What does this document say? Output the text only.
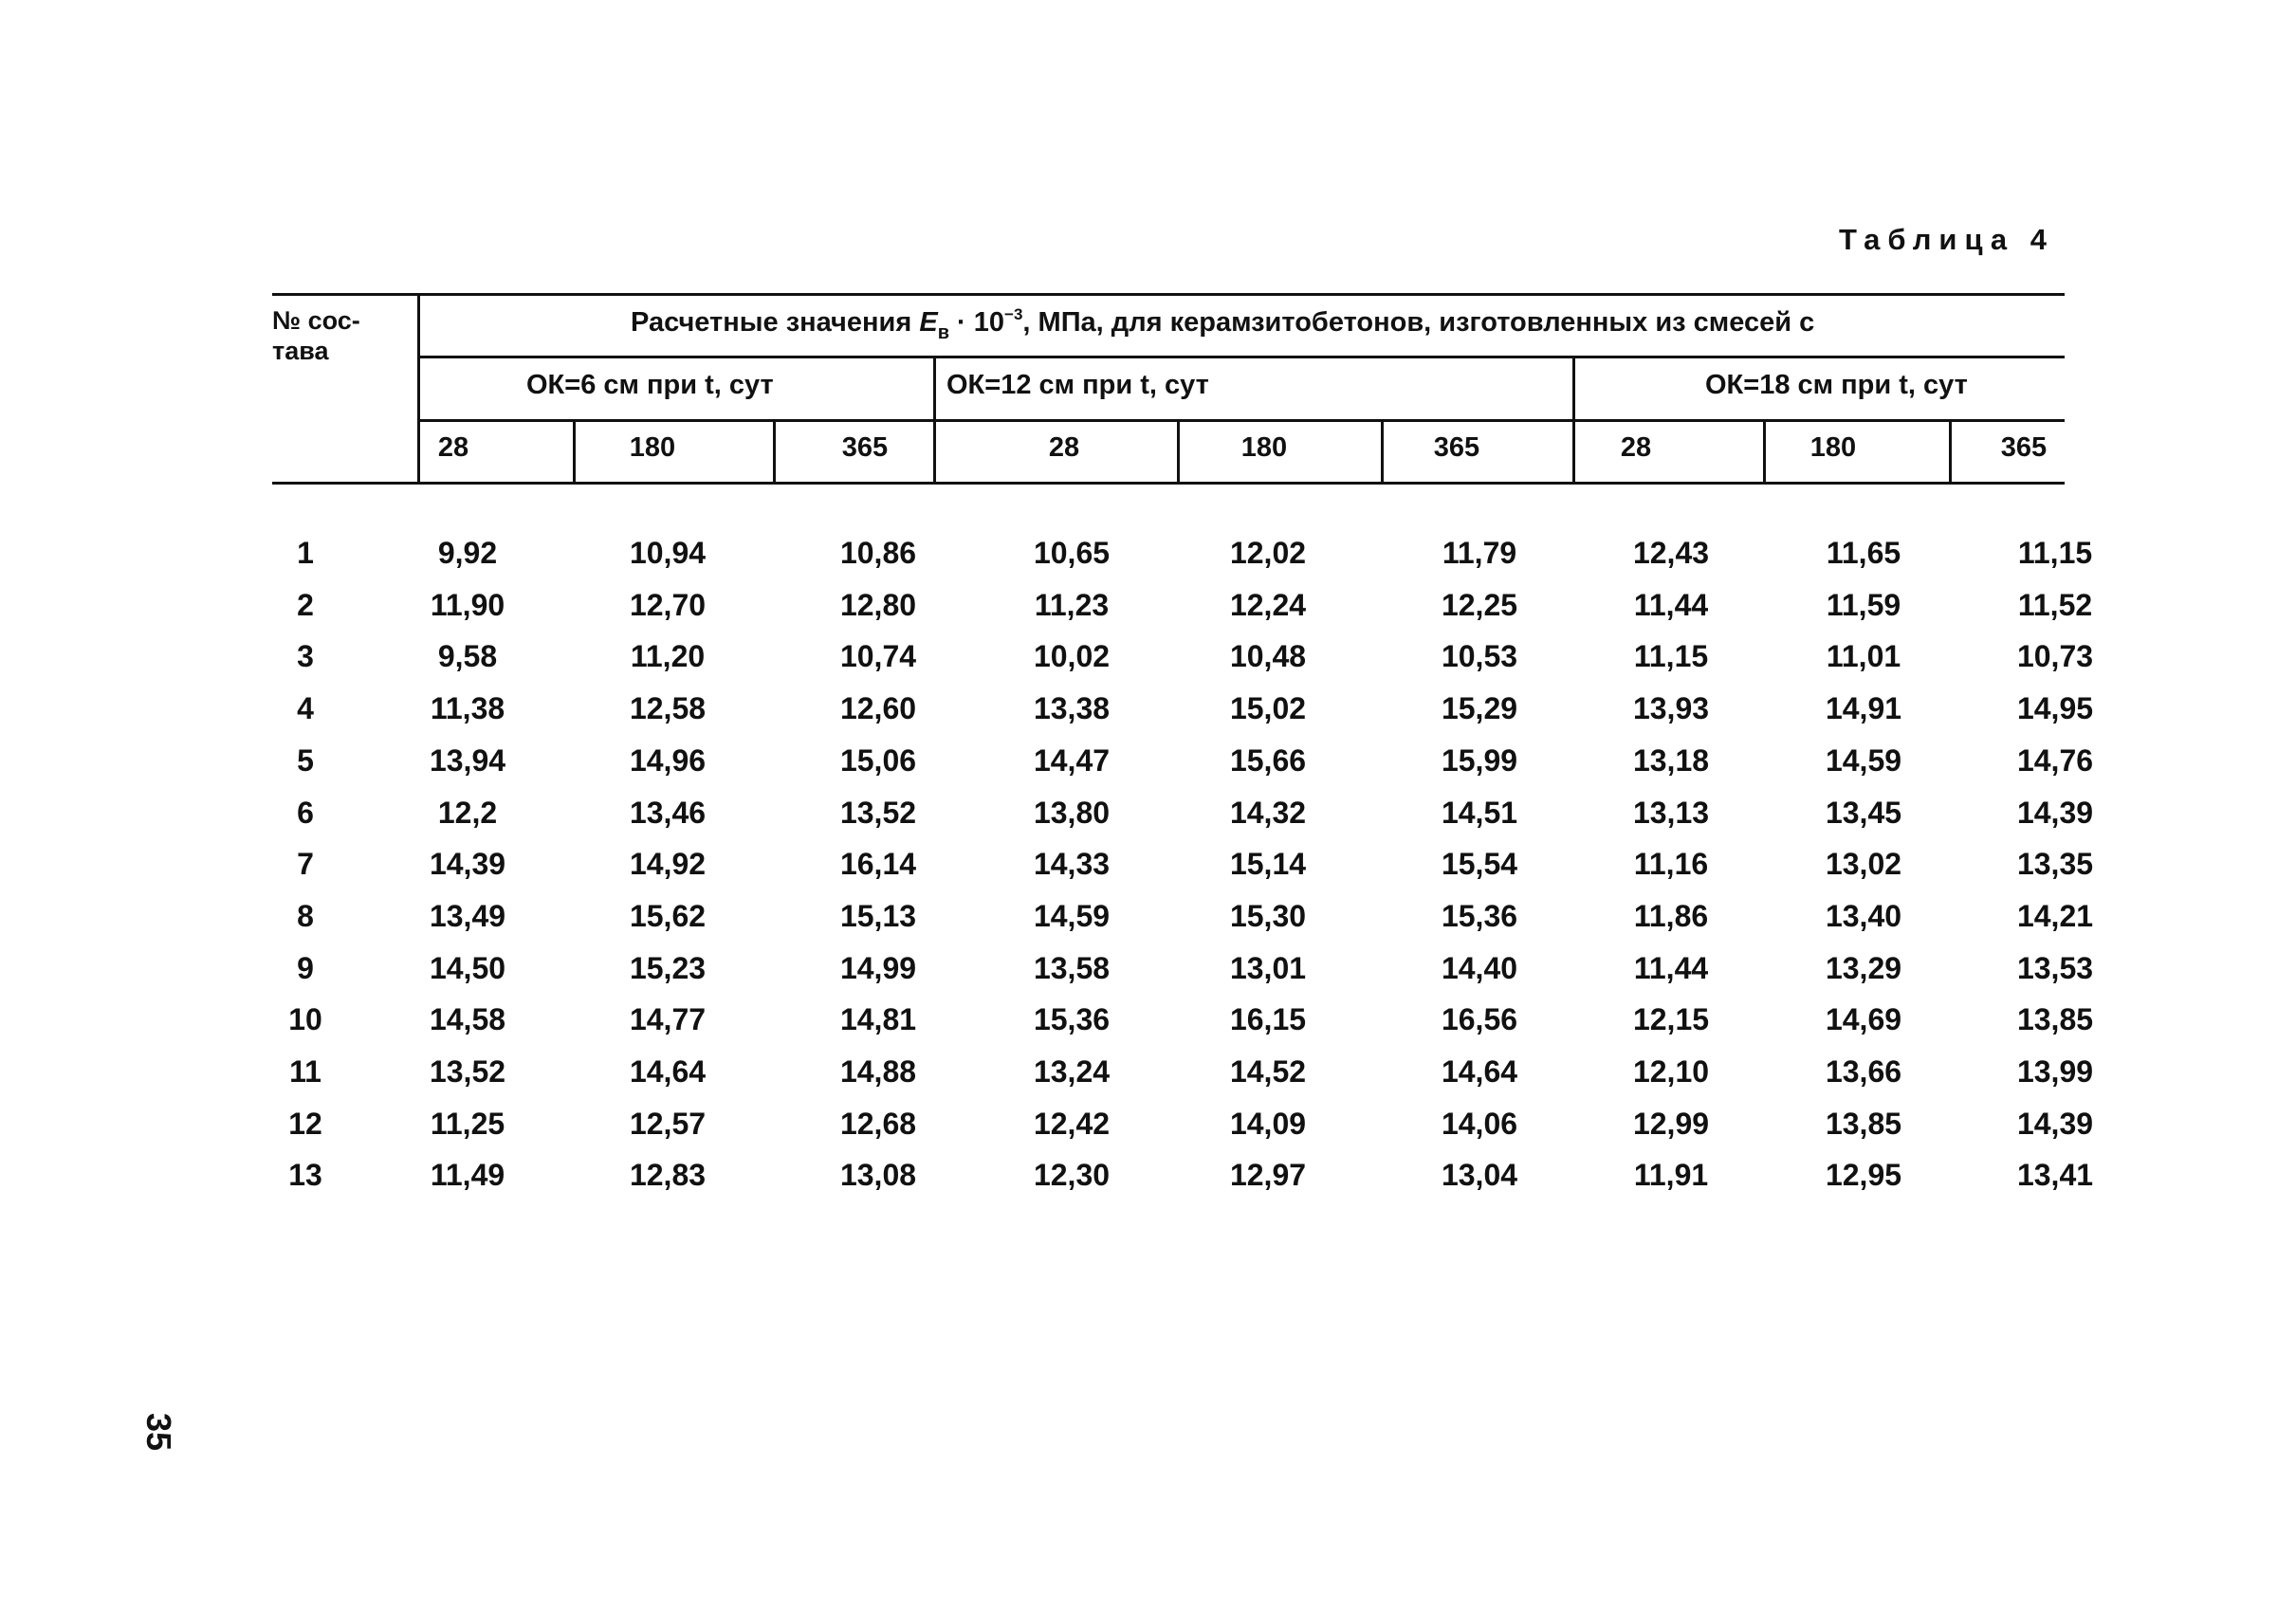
Таблица 4
№ сос-
тава
Расчетные значения $E_в \cdot 10^{-3}$, МПа, для керамзитобетонов, изготовленных из смесей с
ОК=6 см при t, сут	ОК=12 см при t, сут	ОК=18 см при t, сут
28	180	365	28	180	365	28	180	365
1	9,92	10,94	10,86	10,65	12,02	11,79	12,43	11,65	11,15
2	11,90	12,70	12,80	11,23	12,24	12,25	11,44	11,59	11,52
3	9,58	11,20	10,74	10,02	10,48	10,53	11,15	11,01	10,73
4	11,38	12,58	12,60	13,38	15,02	15,29	13,93	14,91	14,95
5	13,94	14,96	15,06	14,47	15,66	15,99	13,18	14,59	14,76
6	12,2	13,46	13,52	13,80	14,32	14,51	13,13	13,45	14,39
7	14,39	14,92	16,14	14,33	15,14	15,54	11,16	13,02	13,35
8	13,49	15,62	15,13	14,59	15,30	15,36	11,86	13,40	14,21
9	14,50	15,23	14,99	13,58	13,01	14,40	11,44	13,29	13,53
10	14,58	14,77	14,81	15,36	16,15	16,56	12,15	14,69	13,85
11	13,52	14,64	14,88	13,24	14,52	14,64	12,10	13,66	13,99
12	11,25	12,57	12,68	12,42	14,09	14,06	12,99	13,85	14,39
13	11,49	12,83	13,08	12,30	12,97	13,04	11,91	12,95	13,41
35
